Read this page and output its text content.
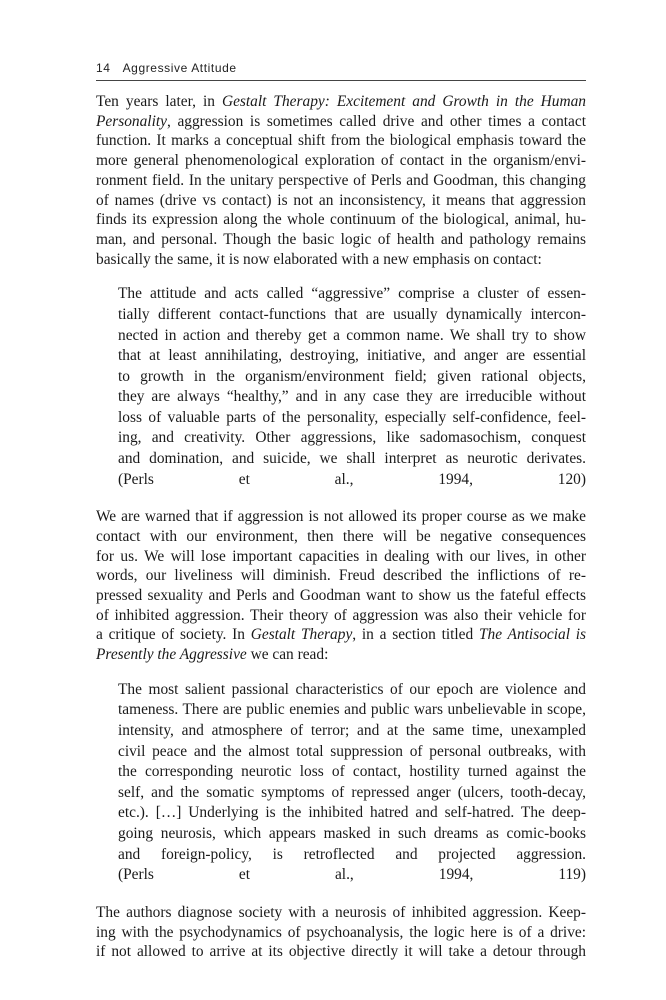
14 Aggressive Attitude

Ten years later, in Gestalt Therapy: Excitement and Growth in the Human

Personality, aggression is sometimes called drive and other times a contact

function. It marks a conceptual shift from the biological emphasis toward the

more general phenomenological exploration of contact in the organism/envi-

ronment field. In the unitary perspective of Perls and Goodman, this changing

of names (drive vs contact) is not an inconsistency, it means that aggression

finds its expression along the whole continuum of the biological, animal, hu-

man, and personal. Though the basic logic of health and pathology remains

basically the same, it is now elaborated with a new emphasis on contact:

The attitude and acts called “aggressive” comprise a cluster of essen-

tially different contact-functions that are usually dynamically intercon-

nected in action and thereby get a common name. We shall try to show

that at least annihilating, destroying, initiative, and anger are essential

to growth in the organism/environment field; given rational objects,

they are always “healthy,” and in any case they are irreducible without

loss of valuable parts of the personality, especially self-confidence, feel-

ing, and creativity. Other aggressions, like sadomasochism, conquest

and domination, and suicide, we shall interpret as neurotic derivates.

(Perls et al., 1994, 120)

We are warned that if aggression is not allowed its proper course as we make

contact with our environment, then there will be negative consequences

for us. We will lose important capacities in dealing with our lives, in other

words, our liveliness will diminish. Freud described the inflictions of re-

pressed sexuality and Perls and Goodman want to show us the fateful effects

of inhibited aggression. Their theory of aggression was also their vehicle for

a critique of society. In Gestalt Therapy, in a section titled The Antisocial is

Presently the Aggressive we can read:

The most salient passional characteristics of our epoch are violence and

tameness. There are public enemies and public wars unbelievable in scope,

intensity, and atmosphere of terror; and at the same time, unexampled

civil peace and the almost total suppression of personal outbreaks, with

the corresponding neurotic loss of contact, hostility turned against the

self, and the somatic symptoms of repressed anger (ulcers, tooth-decay,

etc.). […] Underlying is the inhibited hatred and self-hatred. The deep-

going neurosis, which appears masked in such dreams as comic-books

and foreign-policy, is retroflected and projected aggression.

(Perls et al., 1994, 119)

The authors diagnose society with a neurosis of inhibited aggression. Keep-

ing with the psychodynamics of psychoanalysis, the logic here is of a drive:

if not allowed to arrive at its objective directly it will take a detour through
